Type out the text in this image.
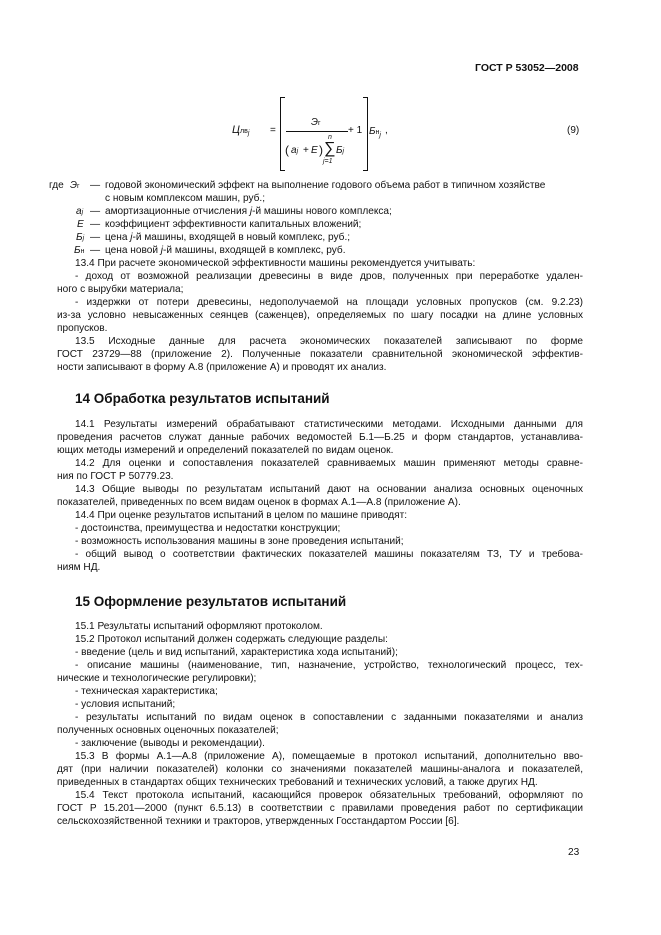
ГОСТ Р 53052—2008
Цлв$_j$ =
Эг
( aj + E )
n
∑
j=1
Бj
+ 1 $Бн_j$ ,	(9)
где Эг — годовой экономический эффект на выполнение годового объема работ в типичном хозяйстве
с новым комплексом машин, руб.;
aj — амортизационные отчисления j-й машины нового комплекса;
E — коэффициент эффективности капитальных вложений;
Бj — цена j-й машины, входящей в новый комплекс, руб.;
Бн — цена новой j-й машины, входящей в комплекс, руб.
13.4 При расчете экономической эффективности машины рекомендуется учитывать:
- доход от возможной реализации древесины в виде дров, полученных при переработке удален-
ного с вырубки материала;
- издержки от потери древесины, недополучаемой на площади условных пропусков (см. 9.2.23)
из-за условно невысаженных сеянцев (саженцев), определяемых по шагу посадки на длине условных
пропусков.
13.5 Исходные данные для расчета экономических показателей записывают по форме
ГОСТ 23729—88 (приложение 2). Полученные показатели сравнительной экономической эффектив-
ности записывают в форму А.8 (приложение А) и проводят их анализ.
14 Обработка результатов испытаний
14.1 Результаты измерений обрабатывают статистическими методами. Исходными данными для
проведения расчетов служат данные рабочих ведомостей Б.1—Б.25 и форм стандартов, устанавлива-
ющих методы измерений и определений показателей по видам оценок.
14.2 Для оценки и сопоставления показателей сравниваемых машин применяют методы сравне-
ния по ГОСТ Р 50779.23.
14.3 Общие выводы по результатам испытаний дают на основании анализа основных оценочных
показателей, приведенных по всем видам оценок в формах А.1—А.8 (приложение А).
14.4 При оценке результатов испытаний в целом по машине приводят:
- достоинства, преимущества и недостатки конструкции;
- возможность использования машины в зоне проведения испытаний;
- общий вывод о соответствии фактических показателей машины показателям ТЗ, ТУ и требова-
ниям НД.
15 Оформление результатов испытаний
15.1 Результаты испытаний оформляют протоколом.
15.2 Протокол испытаний должен содержать следующие разделы:
- введение (цель и вид испытаний, характеристика хода испытаний);
- описание машины (наименование, тип, назначение, устройство, технологический процесс, тех-
нические и технологические регулировки);
- техническая характеристика;
- условия испытаний;
- результаты испытаний по видам оценок в сопоставлении с заданными показателями и анализ
полученных основных оценочных показателей;
- заключение (выводы и рекомендации).
15.3 В формы А.1—А.8 (приложение А), помещаемые в протокол испытаний, дополнительно вво-
дят (при наличии показателей) колонки со значениями показателей машины-аналога и показателей,
приведенных в стандартах общих технических требований и технических условий, а также других НД.
15.4 Текст протокола испытаний, касающийся проверок обязательных требований, оформляют по
ГОСТ Р 15.201—2000 (пункт 6.5.13) в соответствии с правилами проведения работ по сертификации
сельскохозяйственной техники и тракторов, утвержденных Госстандартом России [6].
23
